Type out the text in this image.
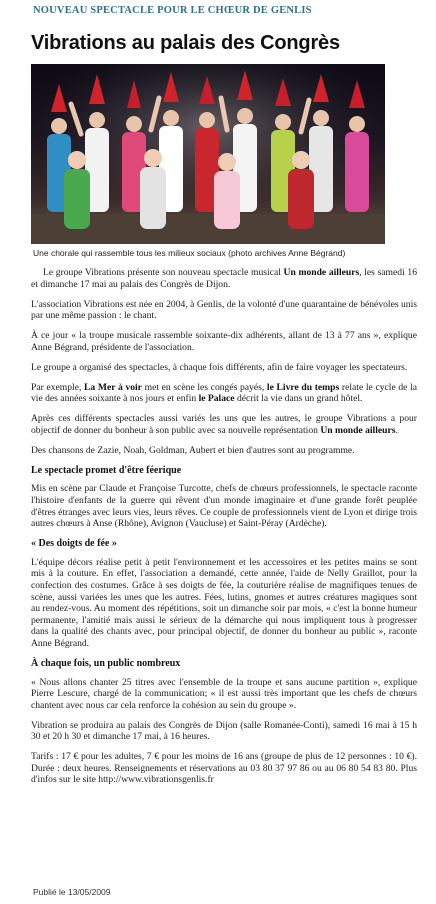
NOUVEAU SPECTACLE POUR LE CHŒUR DE GENLIS
Vibrations au palais des Congrès
Une chorale qui rassemble tous les milieux sociaux (photo archives Anne Bégrand)

Le groupe Vibrations présente son nouveau spectacle musical Un monde ailleurs, les samedi 16 et dimanche 17 mai au palais des Congrès de Dijon.

L'association Vibrations est née en 2004, à Genlis, de la volonté d'une quarantaine de bénévoles unis par une même passion : le chant.

À ce jour « la troupe musicale rassemble soixante-dix adhérents, allant de 13 à 77 ans », explique Anne Bégrand, présidente de l'association.

Le groupe a organisé des spectacles, à chaque fois différents, afin de faire voyager les spectateurs.

Par exemple, La Mer à voir met en scène les congés payés, le Livre du temps relate le cycle de la vie des années soixante à nos jours et enfin le Palace décrit la vie dans un grand hôtel.

Après ces différents spectacles aussi variés les uns que les autres, le groupe Vibrations a pour objectif de donner du bonheur à son public avec sa nouvelle représentation Un monde ailleurs.

Des chansons de Zazie, Noah, Goldman, Aubert et bien d'autres sont au programme.

Le spectacle promet d'être féerique

Mis en scène par Claude et Françoise Turcotte, chefs de chœurs professionnels, le spectacle raconte l'histoire d'enfants de la guerre qui rêvent d'un monde imaginaire et d'une grande forêt peuplée d'êtres étranges avec leurs vies, leurs rêves. Ce couple de professionnels vient de Lyon et dirige trois autres chœurs à Anse (Rhône), Avignon (Vaucluse) et Saint-Péray (Ardèche).

« Des doigts de fée »

L'équipe décors réalise petit à petit l'environnement et les accessoires et les petites mains se sont mis à la couture. En effet, l'association a demandé, cette année, l'aide de Nelly Graillot, pour la confection des costumes. Grâce à ses doigts de fée, la couturière réalise de magnifiques tenues de scène, aussi variées les unes que les autres. Fées, lutins, gnomes et autres créatures magiques sont au rendez-vous. Au moment des répétitions, soit un dimanche soir par mois, « c'est la bonne humeur permanente, l'amitié mais aussi le sérieux de la démarche qui nous impliquent tous à progresser dans la qualité des chants avec, pour principal objectif, de donner du bonheur au public », raconte Anne Bégrand.

À chaque fois, un public nombreux

« Nous allons chanter 25 titres avec l'ensemble de la troupe et sans aucune partition », explique Pierre Lescure, chargé de la communication; « il est aussi très important que les chefs de chœurs chantent avec nous car cela renforce la cohésion au sein du groupe ».

Vibration se produira au palais des Congrès de Dijon (salle Romanée-Conti), samedi 16 mai à 15 h 30 et 20 h 30 et dimanche 17 mai, à 16 heures.

Tarifs : 17 € pour les adultes, 7 € pour les moins de 16 ans (groupe de plus de 12 personnes : 10 €). Durée : deux heures. Renseignements et réservations au 03 80 37 97 86 ou au 06 80 54 83 80. Plus d'infos sur le site http://www.vibrationsgenlis.fr

Publié le 13/05/2009
